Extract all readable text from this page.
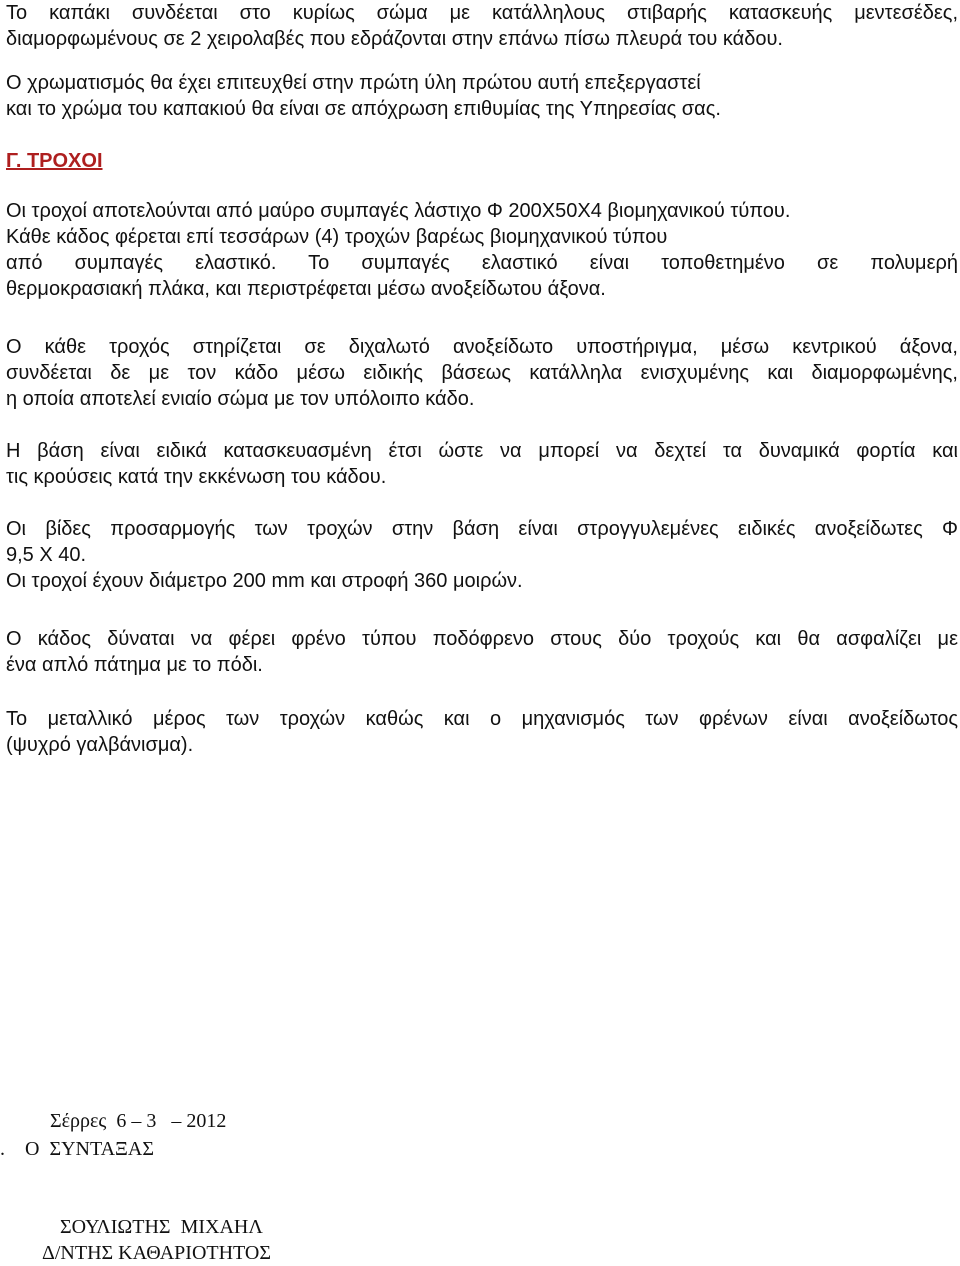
Το καπάκι συνδέεται στο κυρίως σώμα με κατάλληλους στιβαρής κατασκευής μεντεσέδες,
διαμορφωμένους σε 2 χειρολαβές που εδράζονται στην επάνω πίσω πλευρά του κάδου.
Ο χρωματισμός θα έχει επιτευχθεί στην πρώτη ύλη πρώτου αυτή επεξεργαστεί
και το χρώμα του καπακιού θα είναι σε απόχρωση επιθυμίας της Υπηρεσίας σας.
Γ. ΤΡΟΧΟΙ
Οι τροχοί αποτελούνται από μαύρο συμπαγές λάστιχο Φ 200Χ50Χ4 βιομηχανικού τύπου.
Κάθε κάδος φέρεται επί τεσσάρων (4) τροχών βαρέως βιομηχανικού τύπου
από συμπαγές ελαστικό. Το συμπαγές ελαστικό είναι τοποθετημένο σε πολυμερή
θερμοκρασιακή πλάκα, και περιστρέφεται μέσω ανοξείδωτου άξονα.
Ο κάθε τροχός στηρίζεται σε διχαλωτό ανοξείδωτο υποστήριγμα, μέσω κεντρικού άξονα,
συνδέεται δε με τον κάδο μέσω ειδικής βάσεως κατάλληλα ενισχυμένης και διαμορφωμένης,
η οποία αποτελεί ενιαίο σώμα με τον υπόλοιπο κάδο.
Η βάση είναι ειδικά κατασκευασμένη έτσι ώστε να μπορεί να δεχτεί τα δυναμικά φορτία και
τις κρούσεις κατά την εκκένωση του κάδου.
Οι βίδες προσαρμογής των τροχών στην βάση είναι στρογγυλεμένες ειδικές ανοξείδωτες Φ
9,5 Χ 40.
Οι τροχοί έχουν διάμετρο 200 mm και στροφή 360 μοιρών.
Ο κάδος δύναται να φέρει φρένο τύπου ποδόφρενο στους δύο τροχούς και θα ασφαλίζει με
ένα απλό πάτημα με το πόδι.
Το μεταλλικό μέρος των τροχών καθώς και ο μηχανισμός των φρένων είναι ανοξείδωτος
(ψυχρό γαλβάνισμα).
Σέρρες  6 – 3   – 2012
.    Ο  ΣΥΝΤΑΞΑΣ
ΣΟΥΛΙΩΤΗΣ  ΜΙΧΑΗΛ
Δ/ΝΤΗΣ ΚΑΘΑΡΙΟΤΗΤΟΣ
